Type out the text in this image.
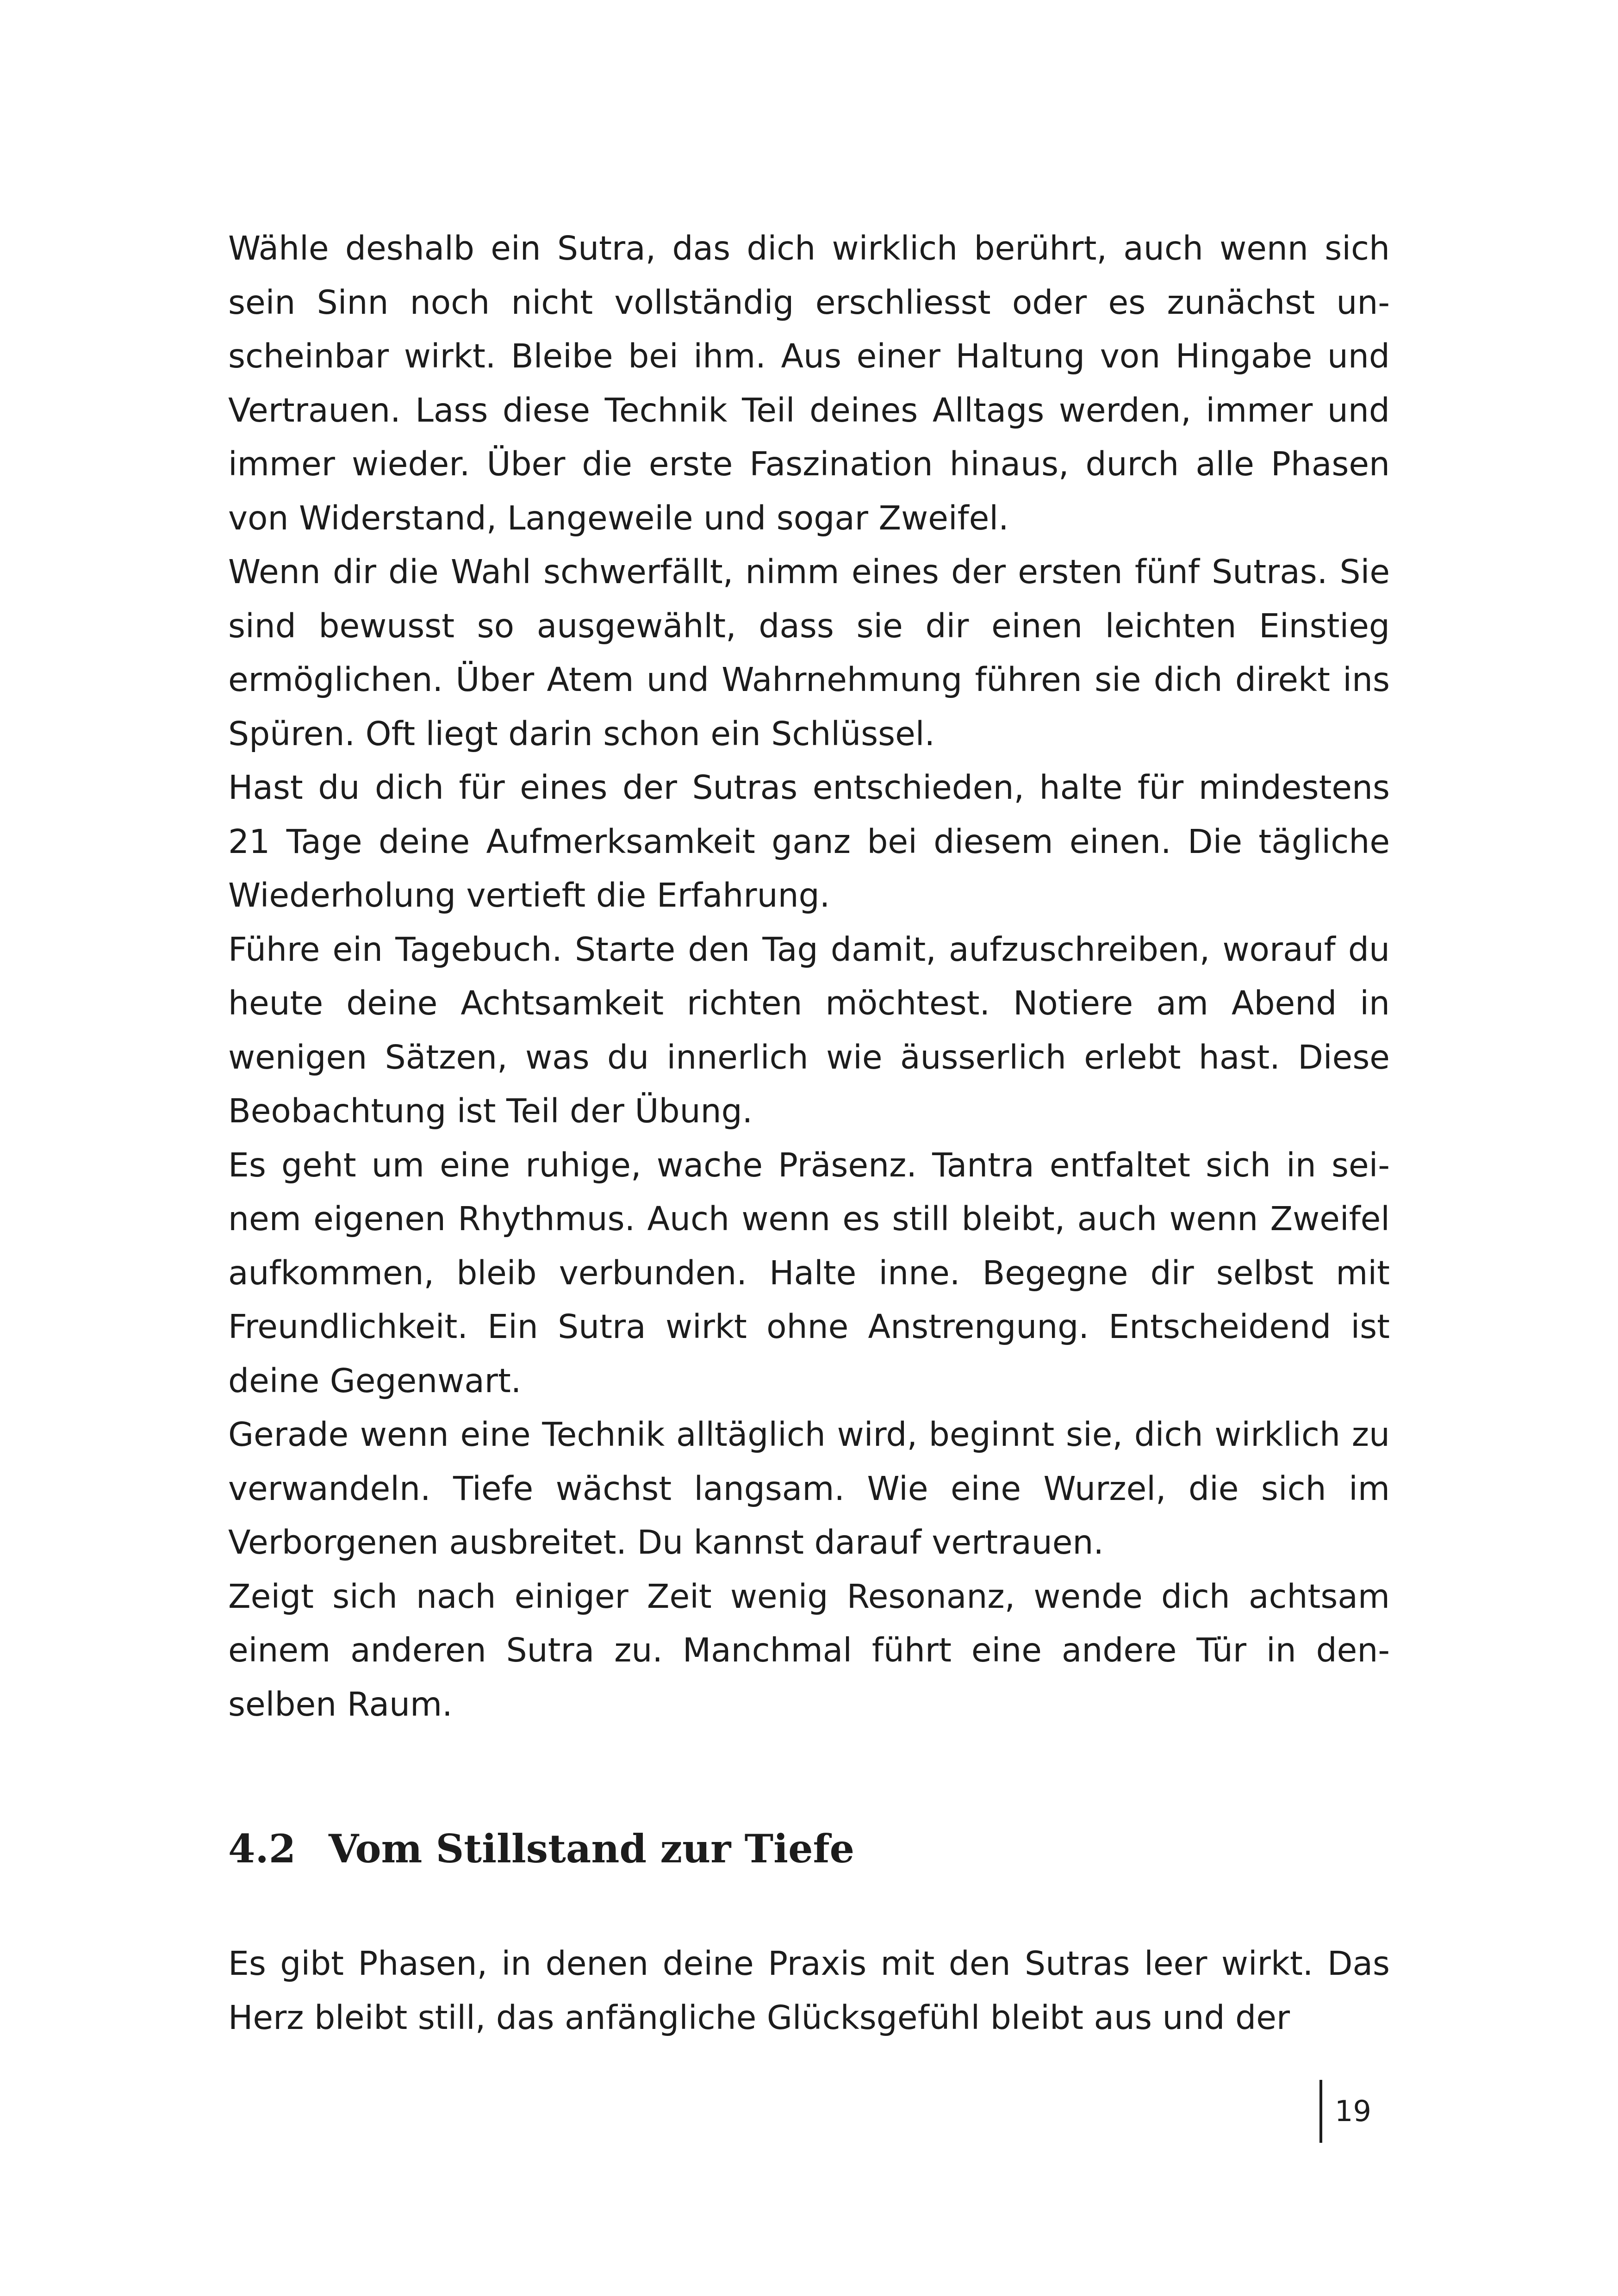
Wähle deshalb ein Sutra, das dich wirklich berührt, auch wenn sich sein Sinn noch nicht vollständig erschliesst oder es zunächst unscheinbar wirkt. Bleibe bei ihm. Aus einer Haltung von Hingabe und Vertrauen. Lass diese Technik Teil deines Alltags werden, immer und immer wieder. Über die erste Faszination hinaus, durch alle Phasen von Widerstand, Langeweile und sogar Zweifel.

Wenn dir die Wahl schwerfällt, nimm eines der ersten fünf Sutras. Sie sind bewusst so ausgewählt, dass sie dir einen leichten Einstieg ermöglichen. Über Atem und Wahrnehmung führen sie dich direkt ins Spüren. Oft liegt darin schon ein Schlüssel.

Hast du dich für eines der Sutras entschieden, halte für mindestens 21 Tage deine Aufmerksamkeit ganz bei diesem einen. Die tägliche Wiederholung vertieft die Erfahrung.

Führe ein Tagebuch. Starte den Tag damit, aufzuschreiben, worauf du heute deine Achtsamkeit richten möchtest. Notiere am Abend in wenigen Sätzen, was du innerlich wie äusserlich erlebt hast. Diese Beobachtung ist Teil der Übung.

Es geht um eine ruhige, wache Präsenz. Tantra entfaltet sich in seinem eigenen Rhythmus. Auch wenn es still bleibt, auch wenn Zweifel aufkommen, bleib verbunden. Halte inne. Begegne dir selbst mit Freundlichkeit. Ein Sutra wirkt ohne Anstrengung. Entscheidend ist deine Gegenwart.

Gerade wenn eine Technik alltäglich wird, beginnt sie, dich wirklich zu verwandeln. Tiefe wächst langsam. Wie eine Wurzel, die sich im Verborgenen ausbreitet. Du kannst darauf vertrauen.

Zeigt sich nach einiger Zeit wenig Resonanz, wende dich achtsam einem anderen Sutra zu. Manchmal führt eine andere Tür in denselben Raum.

4.2 Vom Stillstand zur Tiefe

Es gibt Phasen, in denen deine Praxis mit den Sutras leer wirkt. Das Herz bleibt still, das anfängliche Glücksgefühl bleibt aus und der

19
